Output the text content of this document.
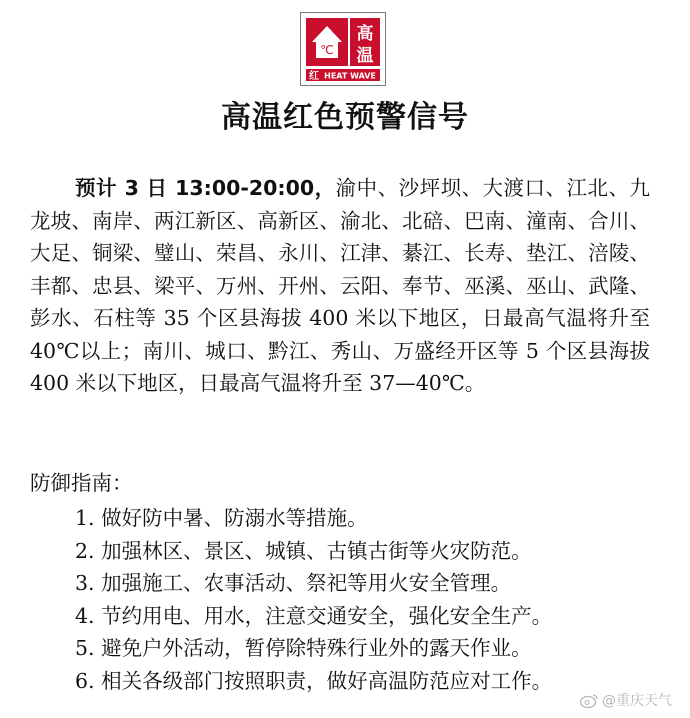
℃
高
温
红 HEAT WAVE
高温红色预警信号

预计 3 日 13:00-20:00，渝中、沙坪坝、大渡口、江北、九龙坡、南岸、两江新区、高新区、渝北、北碚、巴南、潼南、合川、大足、铜梁、璧山、荣昌、永川、江津、綦江、长寿、垫江、涪陵、丰都、忠县、梁平、万州、开州、云阳、奉节、巫溪、巫山、武隆、彭水、石柱等 35 个区县海拔 400 米以下地区，日最高气温将升至 40℃以上；南川、城口、黔江、秀山、万盛经开区等 5 个区县海拔 400 米以下地区，日最高气温将升至 37—40℃。

防御指南：
1. 做好防中暑、防溺水等措施。
2. 加强林区、景区、城镇、古镇古街等火灾防范。
3. 加强施工、农事活动、祭祀等用火安全管理。
4. 节约用电、用水，注意交通安全，强化安全生产。
5. 避免户外活动，暂停除特殊行业外的露天作业。
6. 相关各级部门按照职责，做好高温防范应对工作。
@重庆天气
